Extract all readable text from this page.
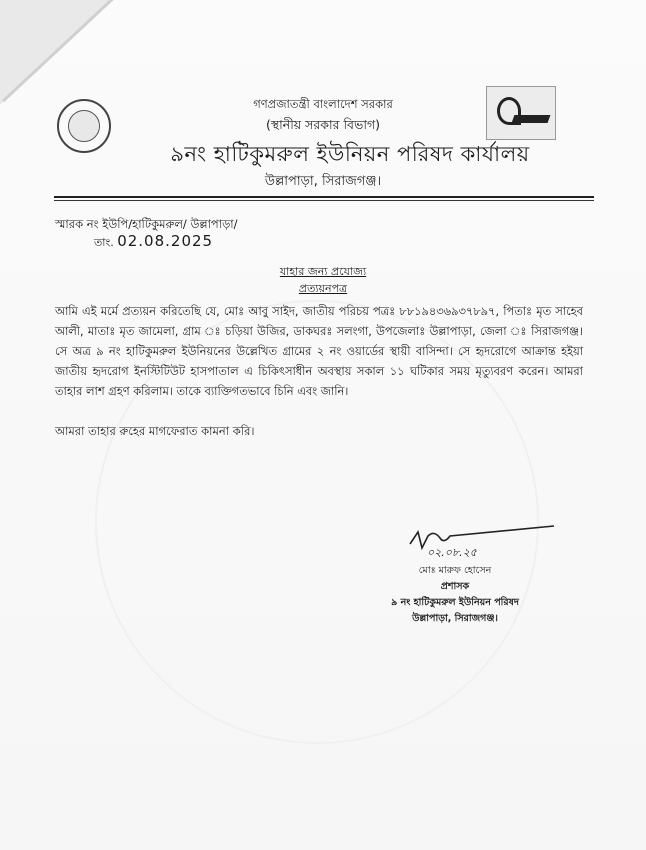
গণপ্রজাতন্ত্রী বাংলাদেশ সরকার
(স্থানীয় সরকার বিভাগ)
৯নং হাটিকুমরুল ইউনিয়ন পরিষদ কার্যালয়
উল্লাপাড়া, সিরাজগঞ্জ।
স্মারক নং ইউপি/হাটিকুমরুল/ উল্লাপাড়া/
তাং. 02.08.2025
যাহার জন্য প্রযোজ্য
প্রত্যয়নপত্র
আমি এই মর্মে প্রত্যয়ন করিতেছি যে, মোঃ আবু সাইদ, জাতীয় পরিচয় পত্রঃ ৮৮১৯৪৩৬৯৩৭৮৯৭, পিতাঃ মৃত সাহেব আলী, মাতাঃ মৃত জামেলা, গ্রাম ঃ চড়িয়া উজির, ডাকঘরঃ সলংগা, উপজেলাঃ উল্লাপাড়া, জেলা ঃ সিরাজগঞ্জ। সে অত্র ৯ নং হাটিকুমরুল ইউনিয়নের উল্লেখিত গ্রামের ২ নং ওয়ার্ডের স্থায়ী বাসিন্দা। সে হৃদরোগে আক্রান্ত হইয়া জাতীয় হৃদরোগ ইনস্টিটিউট হাসপাতাল এ চিকিৎসাধীন অবস্থায় সকাল ১১ ঘটিকার সময় মৃত্যুবরণ করেন। আমরা তাহার লাশ গ্রহণ করিলাম। তাকে ব্যাক্তিগতভাবে চিনি এবং জানি।
আমরা তাহার রুহের মাগফেরাত কামনা করি।
০২.০৮.২৫
মোঃ মারুফ হোসেন
প্রশাসক
৯ নং হাটিকুমরুল ইউনিয়ন পরিষদ
উল্লাপাড়া, সিরাজগঞ্জ।
